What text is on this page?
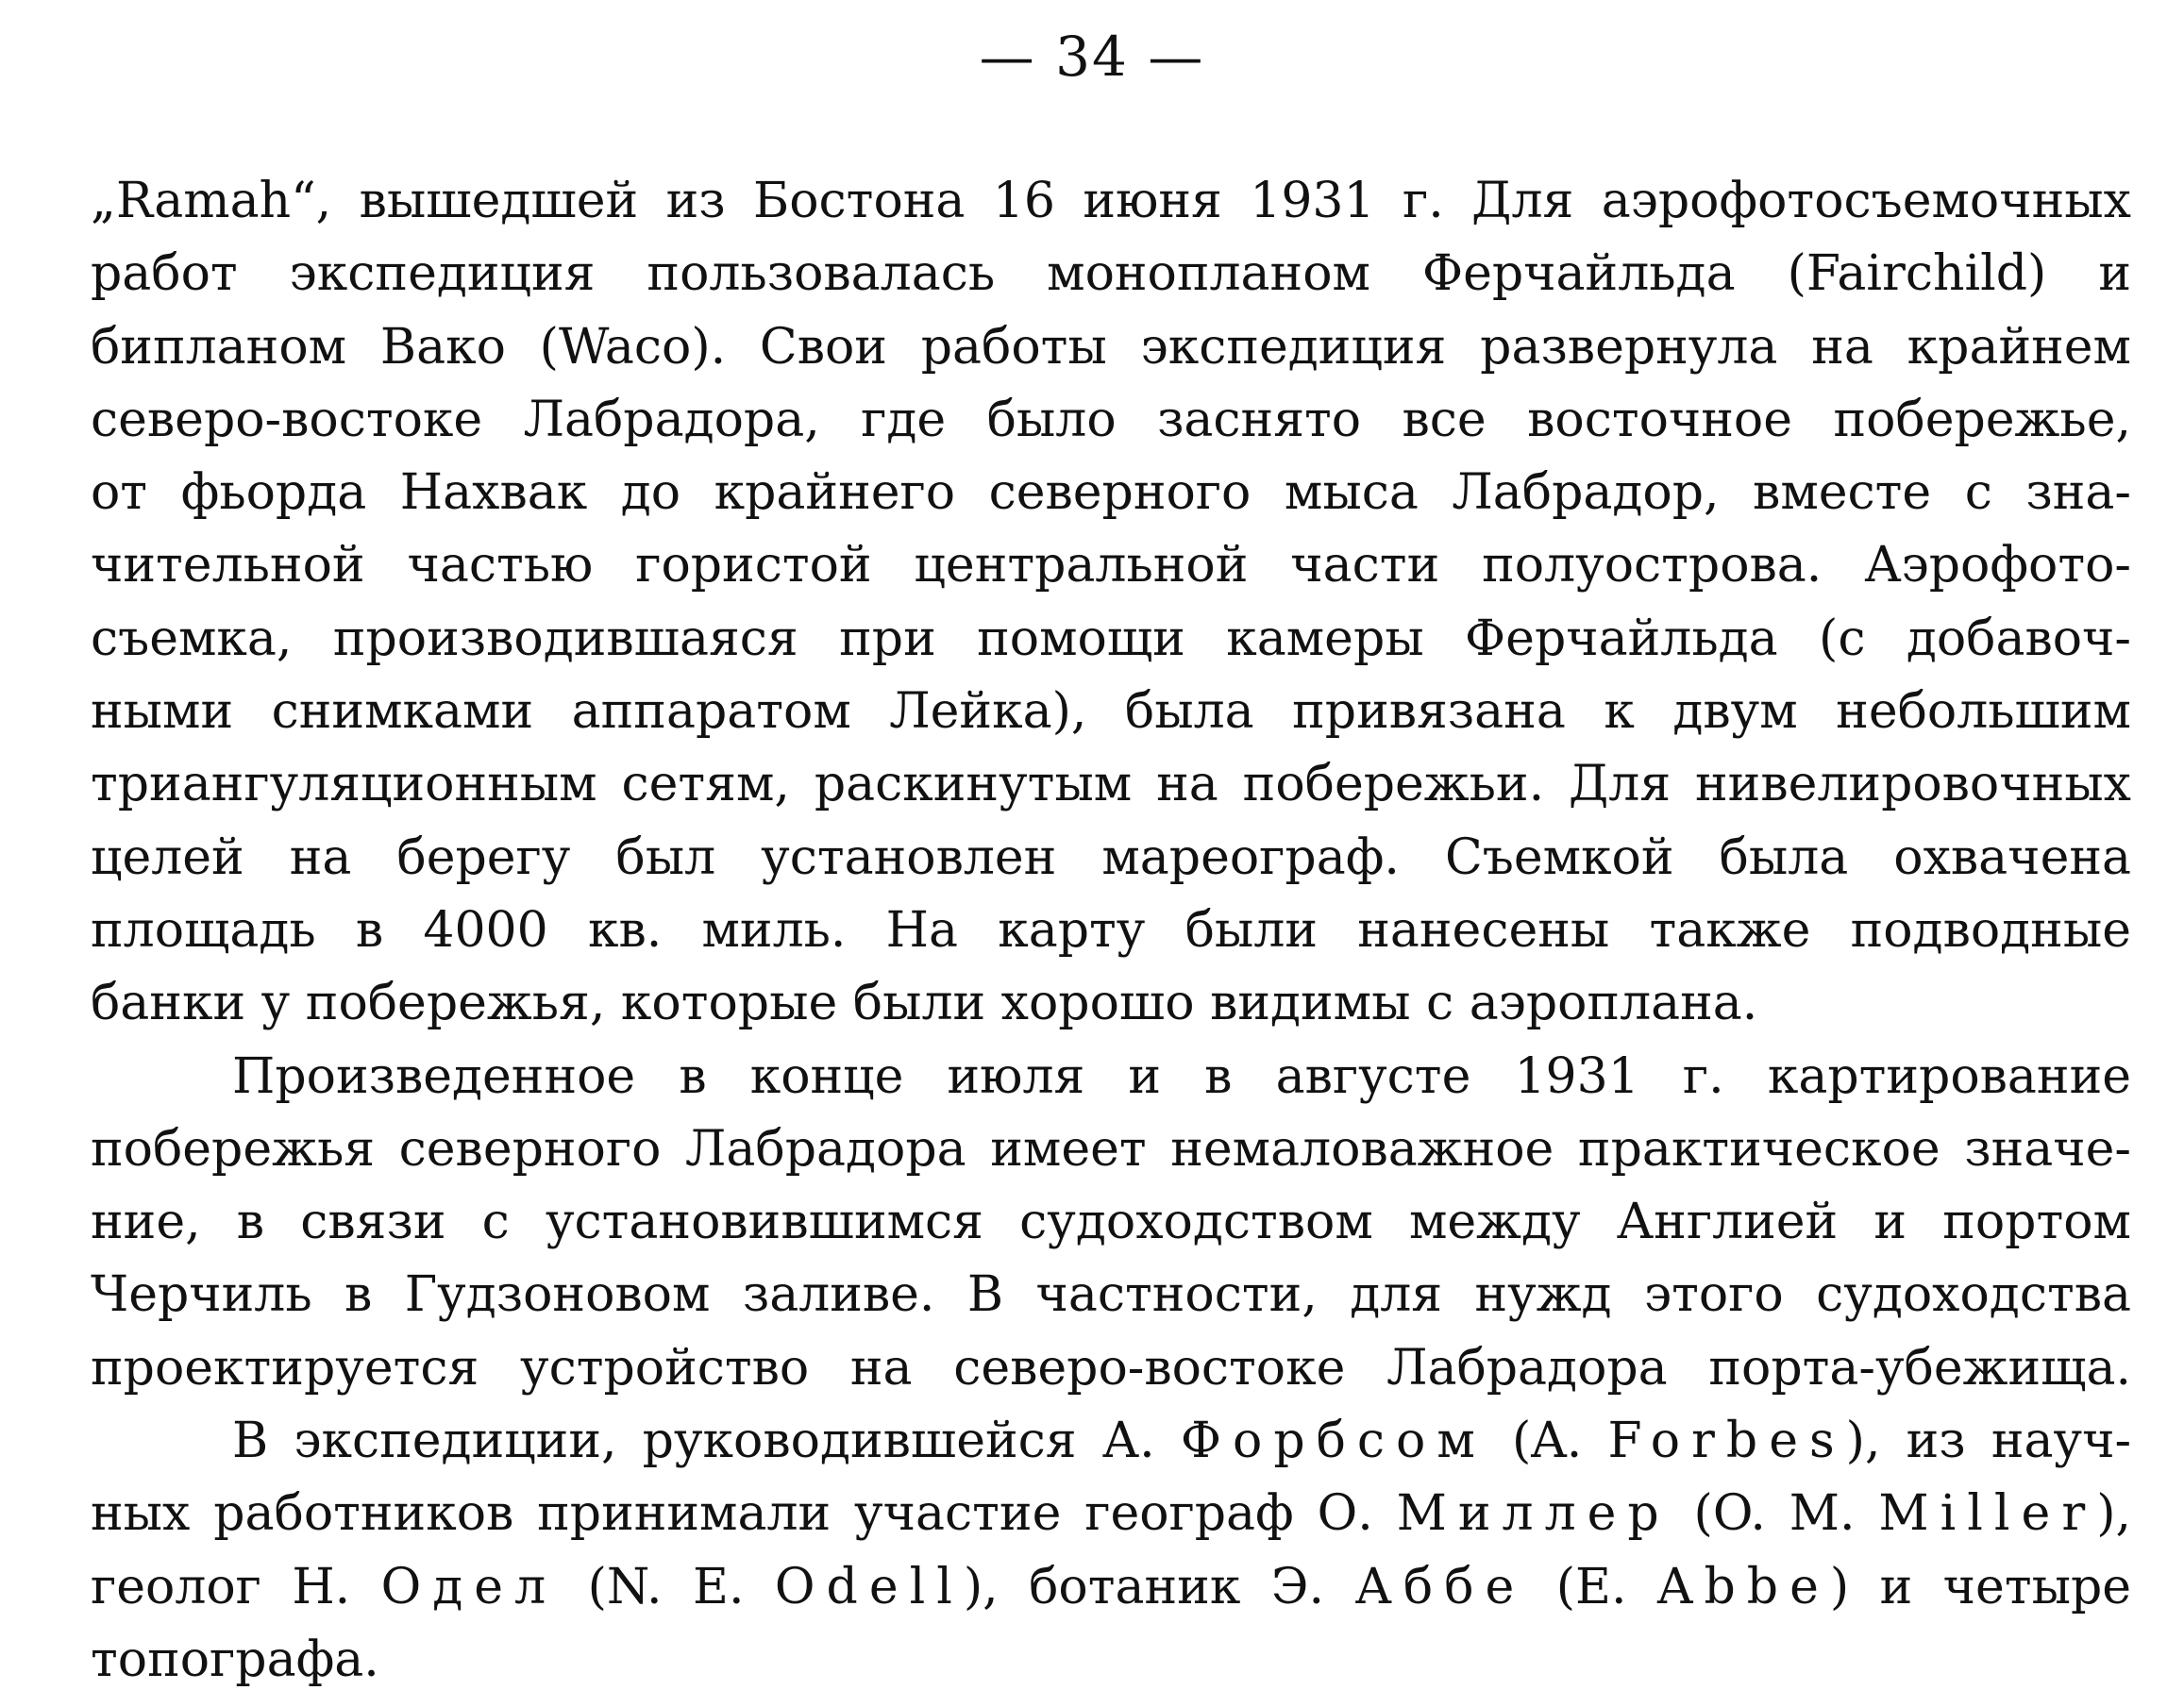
— 34 —
„Ramah“, вышедшей из Бостона 16 июня 1931 г. Для аэрофотосъемочных
работ экспедиция пользовалась монопланом Ферчайльда (Fairchild) и
бипланом Вако (Waco). Свои работы экспедиция развернула на крайнем
северо-востоке Лабрадора, где было заснято все восточное побережье,
от фьорда Нахвак до крайнего северного мыса Лабрадор, вместе с зна-
чительной частью гористой центральной части полуострова. Аэрофото-
съемка, производившаяся при помощи камеры Ферчайльда (с добавоч-
ными снимками аппаратом Лейка), была привязана к двум небольшим
триангуляционным сетям, раскинутым на побережьи. Для нивелировочных
целей на берегу был установлен мареограф. Съемкой была охвачена
площадь в 4000 кв. миль. На карту были нанесены также подводные
банки у побережья, которые были хорошо видимы с аэроплана.
Произведенное в конце июля и в августе 1931 г. картирование
побережья северного Лабрадора имеет немаловажное практическое значе-
ние, в связи с установившимся судоходством между Англией и портом
Черчиль в Гудзоновом заливе. В частности, для нужд этого судоходства
проектируется устройство на северо-востоке Лабрадора порта-убежища.
В экспедиции, руководившейся А. Форбсом (A. Forbes), из науч-
ных работников принимали участие географ О. Миллер (O. M. Miller),
геолог Н. Одел (N. E. Odell), ботаник Э. Аббе (E. Abbe) и четыре
топографа.
